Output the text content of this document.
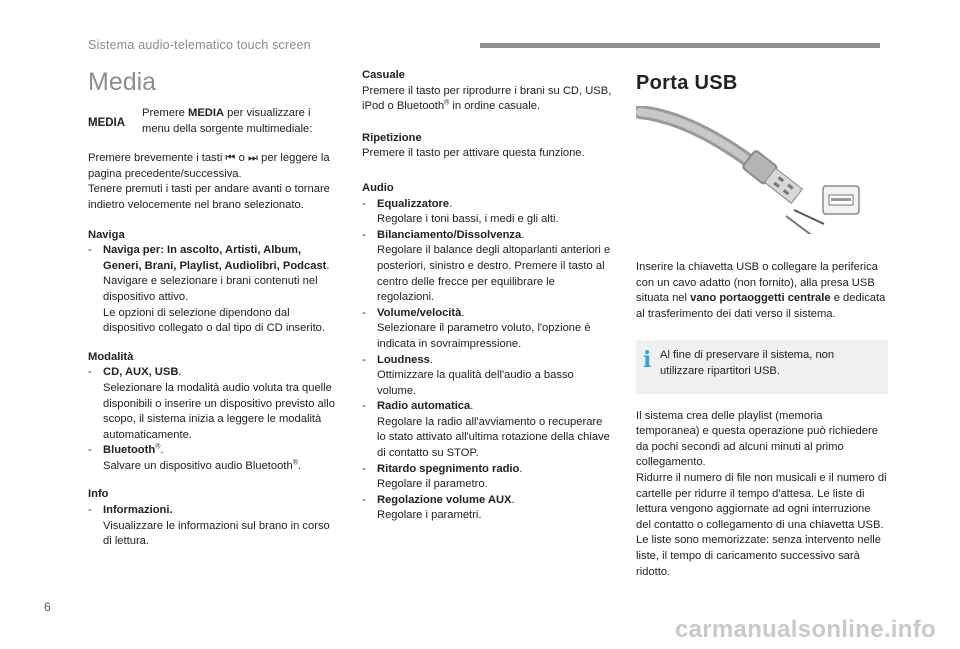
Sistema audio-telematico touch screen
Media
MEDIA
Premere MEDIA per visualizzare i menu della sorgente multimediale:

Premere brevemente i tasti ⏮ o ⏭ per leggere la pagina precedente/successiva.

Tenere premuti i tasti per andare avanti o tornare indietro velocemente nel brano selezionato.

Naviga
- Naviga per: In ascolto, Artisti, Album, Generi, Brani, Playlist, Audiolibri, Podcast.
Navigare e selezionare i brani contenuti nel dispositivo attivo.
Le opzioni di selezione dipendono dal dispositivo collegato o dal tipo di CD inserito.
Modalità
- CD, AUX, USB.
Selezionare la modalità audio voluta tra quelle disponibili o inserire un dispositivo previsto allo scopo, il sistema inizia a leggere le modalità automaticamente.
- Bluetooth®.
Salvare un dispositivo audio Bluetooth®.
Info
- Informazioni.
Visualizzare le informazioni sul brano in corso di lettura.
Casuale

Premere il tasto per riprodurre i brani su CD, USB, iPod o Bluetooth® in ordine casuale.

Ripetizione

Premere il tasto per attivare questa funzione.

Audio
- Equalizzatore.
Regolare i toni bassi, i medi e gli alti.
- Bilanciamento/Dissolvenza.
Regolare il balance degli altoparlanti anteriori e posteriori, sinistro e destro. Premere il tasto al centro delle frecce per equilibrare le regolazioni.
- Volume/velocità.
Selezionare il parametro voluto, l'opzione è indicata in sovraimpressione.
- Loudness.
Ottimizzare la qualità dell'audio a basso volume.
- Radio automatica.
Regolare la radio all'avviamento o recuperare lo stato attivato all'ultima rotazione della chiave di contatto su STOP.
- Ritardo spegnimento radio.
Regolare il parametro.
- Regolazione volume AUX.
Regolare i parametri.
Porta USB

Inserire la chiavetta USB o collegare la periferica con un cavo adatto (non fornito), alla presa USB situata nel vano portaoggetti centrale e dedicata al trasferimento dei dati verso il sistema.

i Al fine di preservare il sistema, non utilizzare ripartitori USB.

Il sistema crea delle playlist (memoria temporanea) e questa operazione può richiedere da pochi secondi ad alcuni minuti al primo collegamento.

Ridurre il numero di file non musicali e il numero di cartelle per ridurre il tempo d'attesa. Le liste di lettura vengono aggiornate ad ogni interruzione del contatto o collegamento di una chiavetta USB. Le liste sono memorizzate: senza intervento nelle liste, il tempo di caricamento successivo sarà ridotto.

6
carmanualsonline.info
